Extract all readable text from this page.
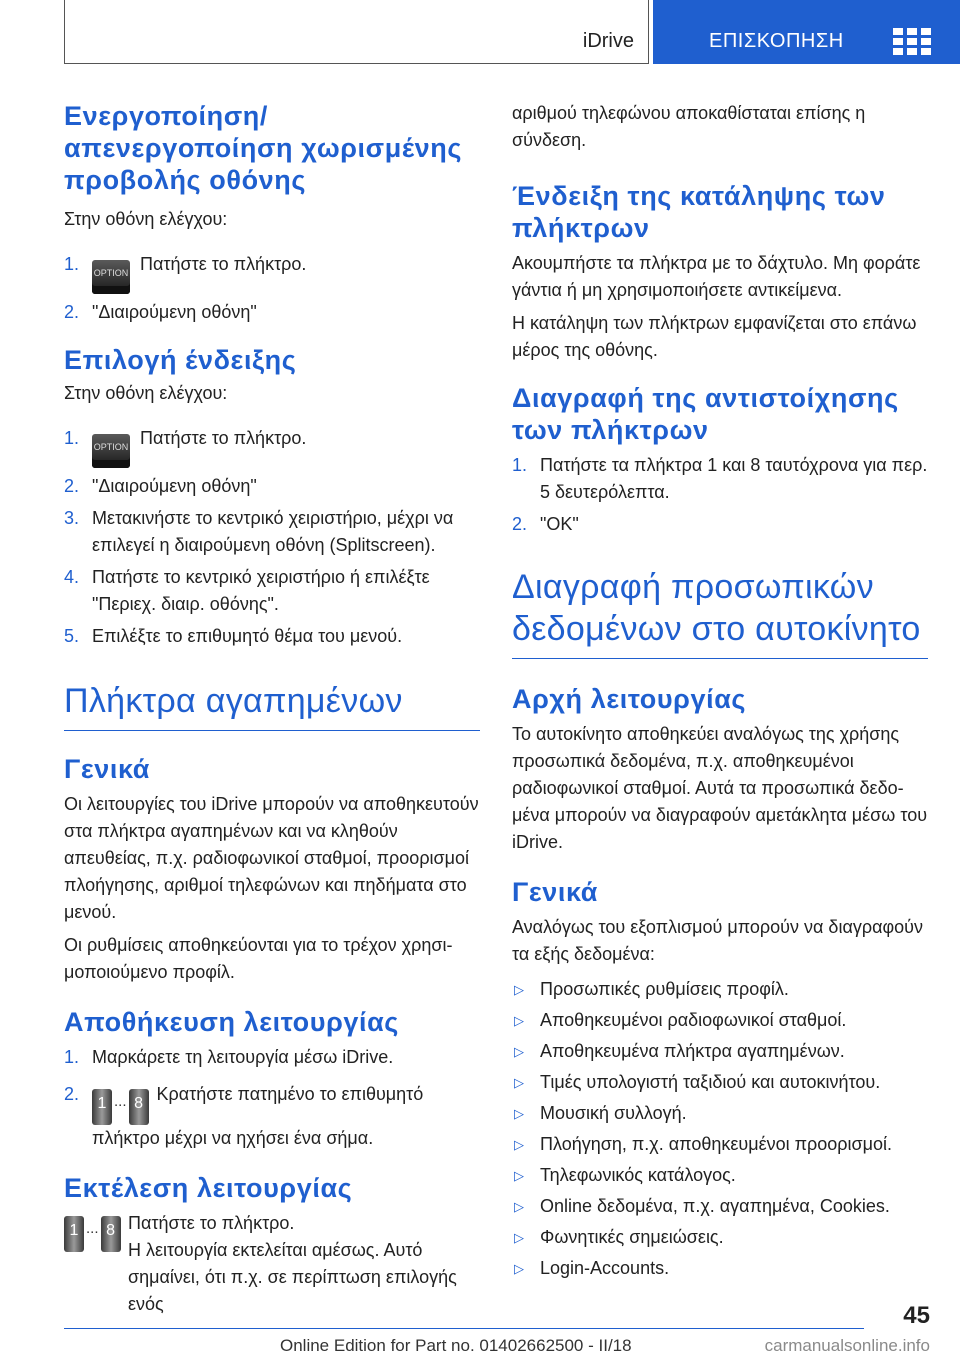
iDrive	ΕΠΙΣΚΟΠΗΣΗ
Ενεργοποίηση/απενεργοποίηση χωρισμένης προβολής οθόνης

Στην οθόνη ελέγχου:

1. OPTION Πατήστε το πλήκτρο.
2. "Διαιρούμενη οθόνη"
Επιλογή ένδειξης

Στην οθόνη ελέγχου:

1. OPTION Πατήστε το πλήκτρο.
2. "Διαιρούμενη οθόνη"
3. Μετακινήστε το κεντρικό χειριστήριο, μέχρι να επιλεγεί η διαιρούμενη οθόνη (Splitscreen).
4. Πατήστε το κεντρικό χειριστήριο ή επιλέξτε "Περιεχ. διαιρ. οθόνης".
5. Επιλέξτε το επιθυμητό θέμα του μενού.
Πλήκτρα αγαπημένων
Γενικά

Οι λειτουργίες του iDrive μπορούν να αποθηκευτούν στα πλήκτρα αγαπημένων και να κληθούν απευθείας, π.χ. ραδιοφωνικοί σταθμοί, προορισμοί πλοήγησης, αριθμοί τηλεφώνων και πηδήματα στο μενού.

Οι ρυθμίσεις αποθηκεύονται για το τρέχον χρησιμοποιούμενο προφίλ.

Αποθήκευση λειτουργίας
1. Μαρκάρετε τη λειτουργία μέσω iDrive.
2. 1 ... 8 Κρατήστε πατημένο το επιθυμητό πλήκτρο μέχρι να ηχήσει ένα σήμα.
Εκτέλεση λειτουργίας
1 ... 8 Πατήστε το πλήκτρο.

Η λειτουργία εκτελείται αμέσως. Αυτό σημαίνει, ότι π.χ. σε περίπτωση επιλογής ενός

αριθμού τηλεφώνου αποκαθίσταται επίσης η σύνδεση.

Ένδειξη της κατάληψης των πλήκτρων

Ακουμπήστε τα πλήκτρα με το δάχτυλο. Μη φοράτε γάντια ή μη χρησιμοποιήσετε αντικείμενα.

Η κατάληψη των πλήκτρων εμφανίζεται στο επάνω μέρος της οθόνης.

Διαγραφή της αντιστοίχησης των πλήκτρων
1. Πατήστε τα πλήκτρα 1 και 8 ταυτόχρονα για περ. 5 δευτερόλεπτα.
2. "OK"
Διαγραφή προσωπικών δεδομένων στο αυτοκίνητο
Αρχή λειτουργίας

Το αυτοκίνητο αποθηκεύει αναλόγως της χρήσης προσωπικά δεδομένα, π.χ. αποθηκευμένοι ραδιοφωνικοί σταθμοί. Αυτά τα προσωπικά δεδομένα μπορούν να διαγραφούν αμετάκλητα μέσω του iDrive.

Γενικά

Αναλόγως του εξοπλισμού μπορούν να διαγραφούν τα εξής δεδομένα:

▷ Προσωπικές ρυθμίσεις προφίλ.
▷ Αποθηκευμένοι ραδιοφωνικοί σταθμοί.
▷ Αποθηκευμένα πλήκτρα αγαπημένων.
▷ Τιμές υπολογιστή ταξιδιού και αυτοκινήτου.
▷ Μουσική συλλογή.
▷ Πλοήγηση, π.χ. αποθηκευμένοι προορισμοί.
▷ Τηλεφωνικός κατάλογος.
▷ Online δεδομένα, π.χ. αγαπημένα, Cookies.
▷ Φωνητικές σημειώσεις.
▷ Login-Accounts.
45
Online Edition for Part no. 01402662500 - II/18	carmanualsonline.info
